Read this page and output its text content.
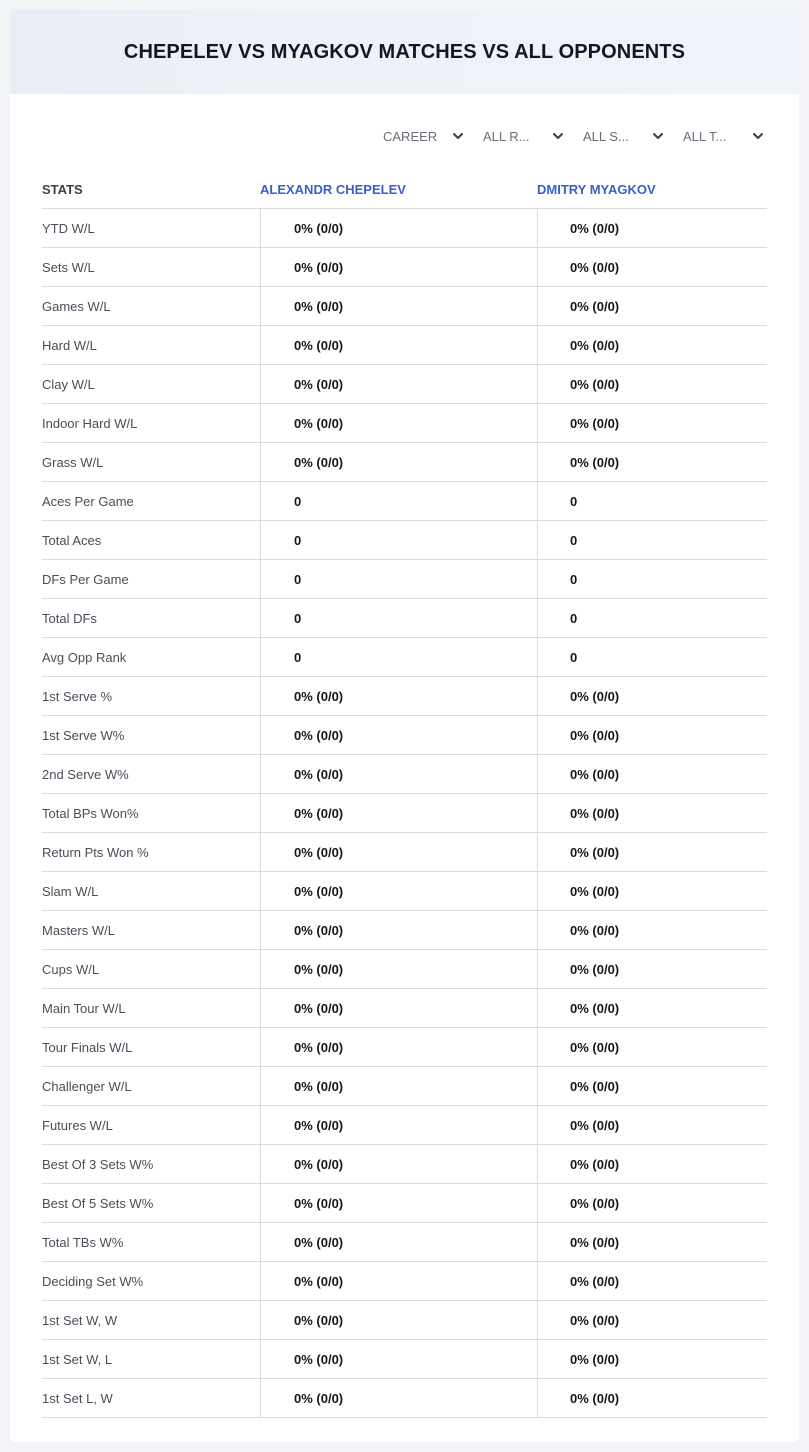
CHEPELEV VS MYAGKOV MATCHES VS ALL OPPONENTS
CAREER	ALL R...	ALL S...	ALL T...
STATS	ALEXANDR CHEPELEV	DMITRY MYAGKOV
YTD W/L	0% (0/0)	0% (0/0)
Sets W/L	0% (0/0)	0% (0/0)
Games W/L	0% (0/0)	0% (0/0)
Hard W/L	0% (0/0)	0% (0/0)
Clay W/L	0% (0/0)	0% (0/0)
Indoor Hard W/L	0% (0/0)	0% (0/0)
Grass W/L	0% (0/0)	0% (0/0)
Aces Per Game	0	0
Total Aces	0	0
DFs Per Game	0	0
Total DFs	0	0
Avg Opp Rank	0	0
1st Serve %	0% (0/0)	0% (0/0)
1st Serve W%	0% (0/0)	0% (0/0)
2nd Serve W%	0% (0/0)	0% (0/0)
Total BPs Won%	0% (0/0)	0% (0/0)
Return Pts Won %	0% (0/0)	0% (0/0)
Slam W/L	0% (0/0)	0% (0/0)
Masters W/L	0% (0/0)	0% (0/0)
Cups W/L	0% (0/0)	0% (0/0)
Main Tour W/L	0% (0/0)	0% (0/0)
Tour Finals W/L	0% (0/0)	0% (0/0)
Challenger W/L	0% (0/0)	0% (0/0)
Futures W/L	0% (0/0)	0% (0/0)
Best Of 3 Sets W%	0% (0/0)	0% (0/0)
Best Of 5 Sets W%	0% (0/0)	0% (0/0)
Total TBs W%	0% (0/0)	0% (0/0)
Deciding Set W%	0% (0/0)	0% (0/0)
1st Set W, W	0% (0/0)	0% (0/0)
1st Set W, L	0% (0/0)	0% (0/0)
1st Set L, W	0% (0/0)	0% (0/0)
